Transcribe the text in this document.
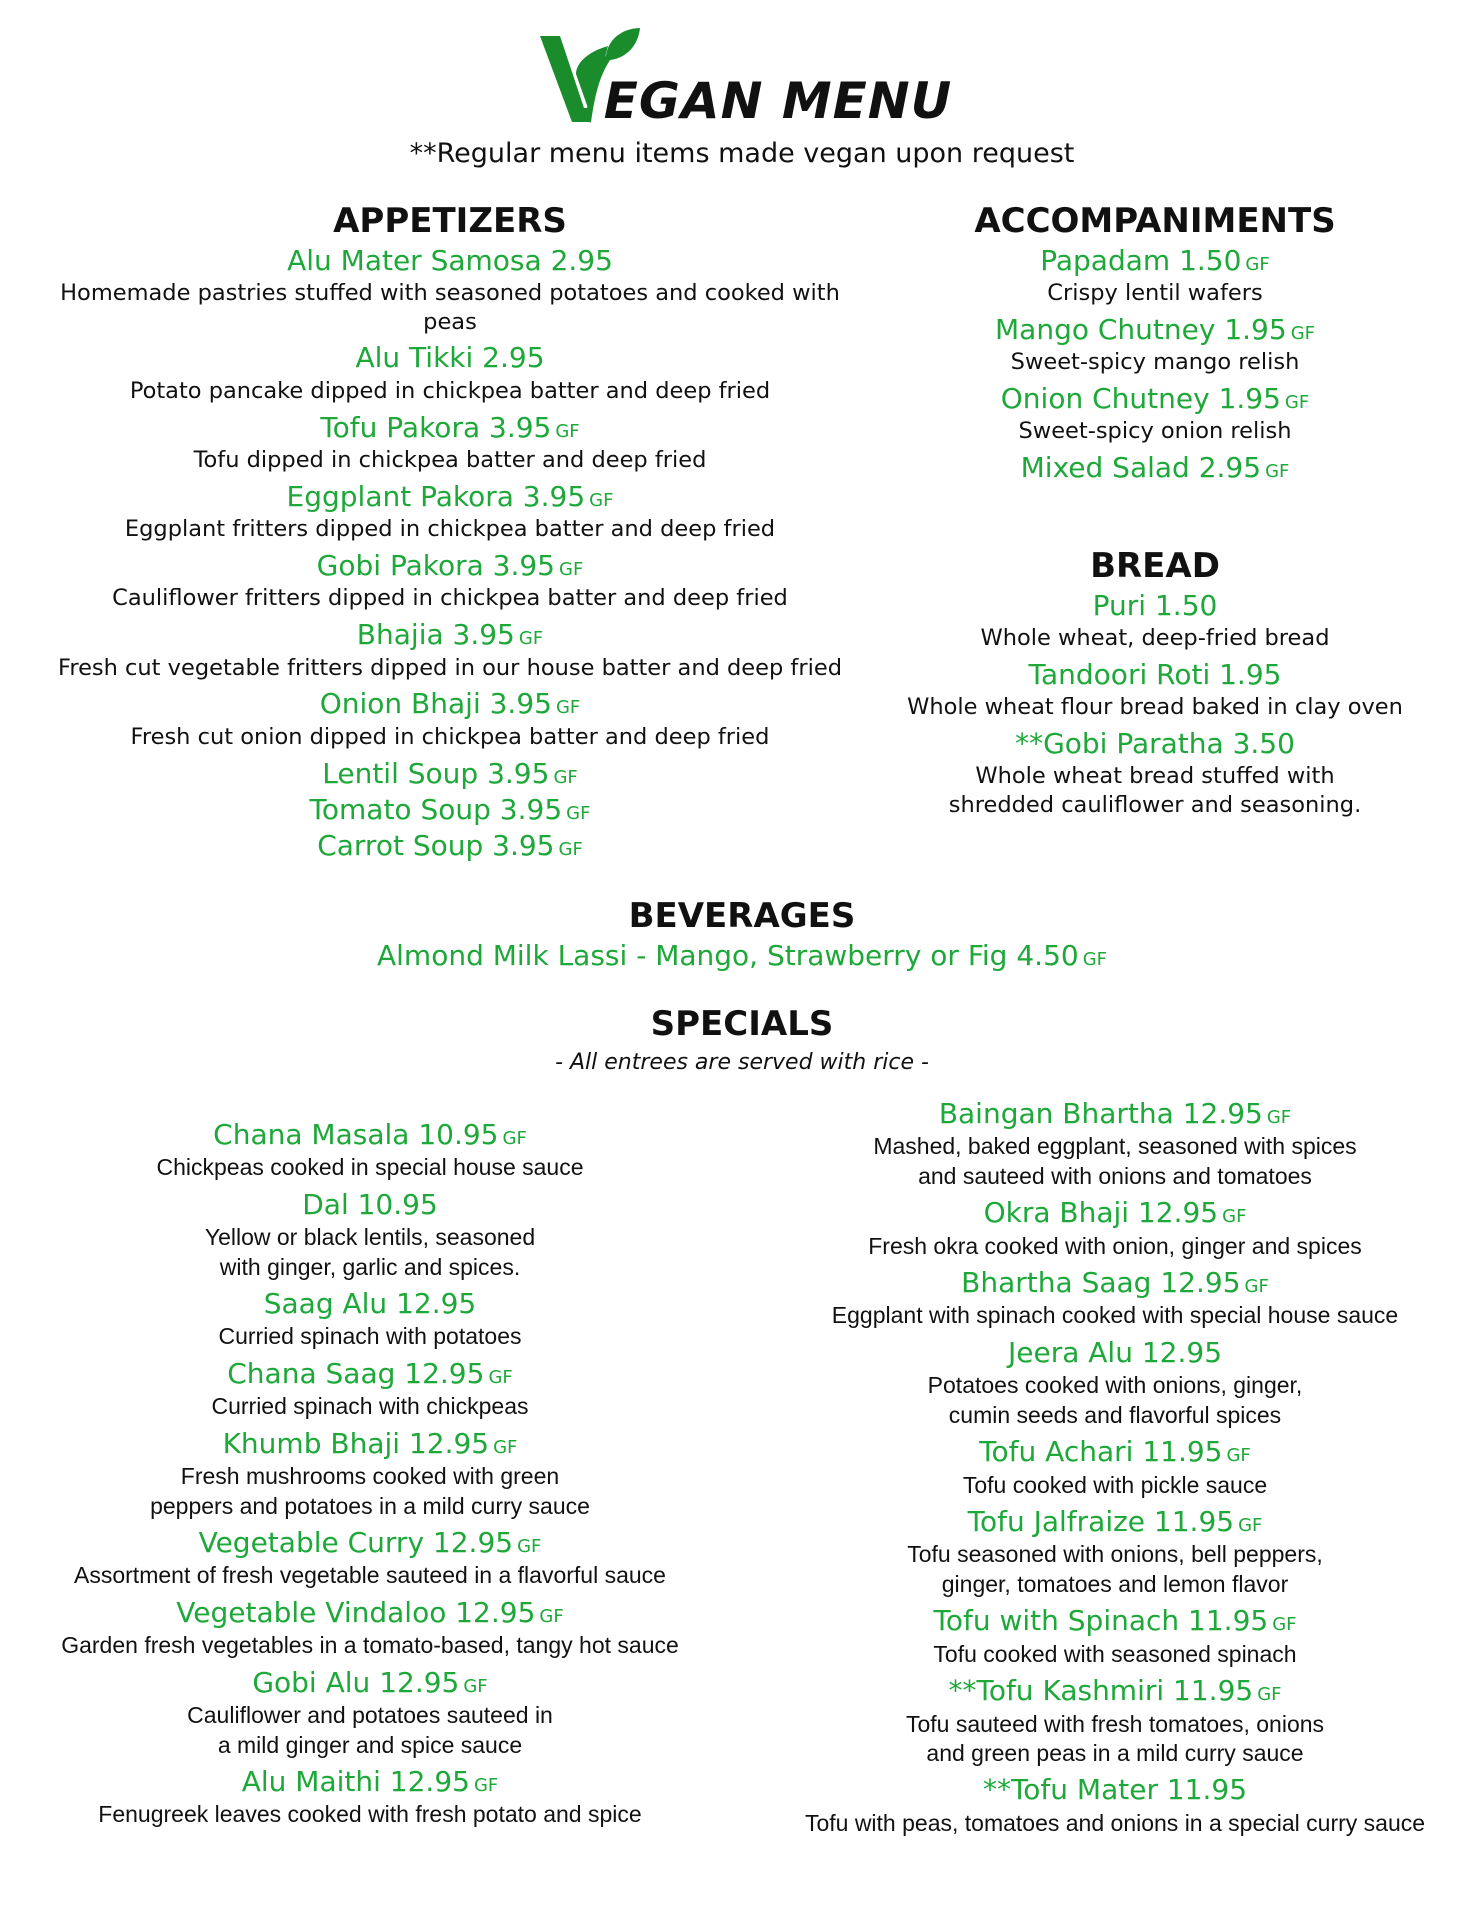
EGAN MENU
**Regular menu items made vegan upon request
APPETIZERS
Alu Mater Samosa 2.95
Homemade pastries stuffed with seasoned potatoes and cooked with peas
Alu Tikki 2.95
Potato pancake dipped in chickpea batter and deep fried
Tofu Pakora 3.95 GF
Tofu dipped in chickpea batter and deep fried
Eggplant Pakora 3.95 GF
Eggplant fritters dipped in chickpea batter and deep fried
Gobi Pakora 3.95 GF
Cauliflower fritters dipped in chickpea batter and deep fried
Bhajia 3.95 GF
Fresh cut vegetable fritters dipped in our house batter and deep fried
Onion Bhaji 3.95 GF
Fresh cut onion dipped in chickpea batter and deep fried
Lentil Soup 3.95 GF
Tomato Soup 3.95 GF
Carrot Soup 3.95 GF
ACCOMPANIMENTS
Papadam 1.50 GF
Crispy lentil wafers
Mango Chutney 1.95 GF
Sweet-spicy mango relish
Onion Chutney 1.95 GF
Sweet-spicy onion relish
Mixed Salad 2.95 GF
BREAD
Puri 1.50
Whole wheat, deep-fried bread
Tandoori Roti 1.95
Whole wheat flour bread baked in clay oven
**Gobi Paratha 3.50
Whole wheat bread stuffed with
shredded cauliflower and seasoning.
BEVERAGES
Almond Milk Lassi - Mango, Strawberry or Fig 4.50 GF
SPECIALS
- All entrees are served with rice -
Chana Masala 10.95 GF
Chickpeas cooked in special house sauce
Dal 10.95
Yellow or black lentils, seasoned
with ginger, garlic and spices.
Saag Alu 12.95
Curried spinach with potatoes
Chana Saag 12.95 GF
Curried spinach with chickpeas
Khumb Bhaji 12.95 GF
Fresh mushrooms cooked with green
peppers and potatoes in a mild curry sauce
Vegetable Curry 12.95 GF
Assortment of fresh vegetable sauteed in a flavorful sauce
Vegetable Vindaloo 12.95 GF
Garden fresh vegetables in a tomato-based, tangy hot sauce
Gobi Alu 12.95 GF
Cauliflower and potatoes sauteed in
a mild ginger and spice sauce
Alu Maithi 12.95 GF
Fenugreek leaves cooked with fresh potato and spice
Baingan Bhartha 12.95 GF
Mashed, baked eggplant, seasoned with spices
and sauteed with onions and tomatoes
Okra Bhaji 12.95 GF
Fresh okra cooked with onion, ginger and spices
Bhartha Saag 12.95 GF
Eggplant with spinach cooked with special house sauce
Jeera Alu 12.95
Potatoes cooked with onions, ginger,
cumin seeds and flavorful spices
Tofu Achari 11.95 GF
Tofu cooked with pickle sauce
Tofu Jalfraize 11.95 GF
Tofu seasoned with onions, bell peppers,
ginger, tomatoes and lemon flavor
Tofu with Spinach 11.95 GF
Tofu cooked with seasoned spinach
**Tofu Kashmiri 11.95 GF
Tofu sauteed with fresh tomatoes, onions
and green peas in a mild curry sauce
**Tofu Mater 11.95
Tofu with peas, tomatoes and onions in a special curry sauce
